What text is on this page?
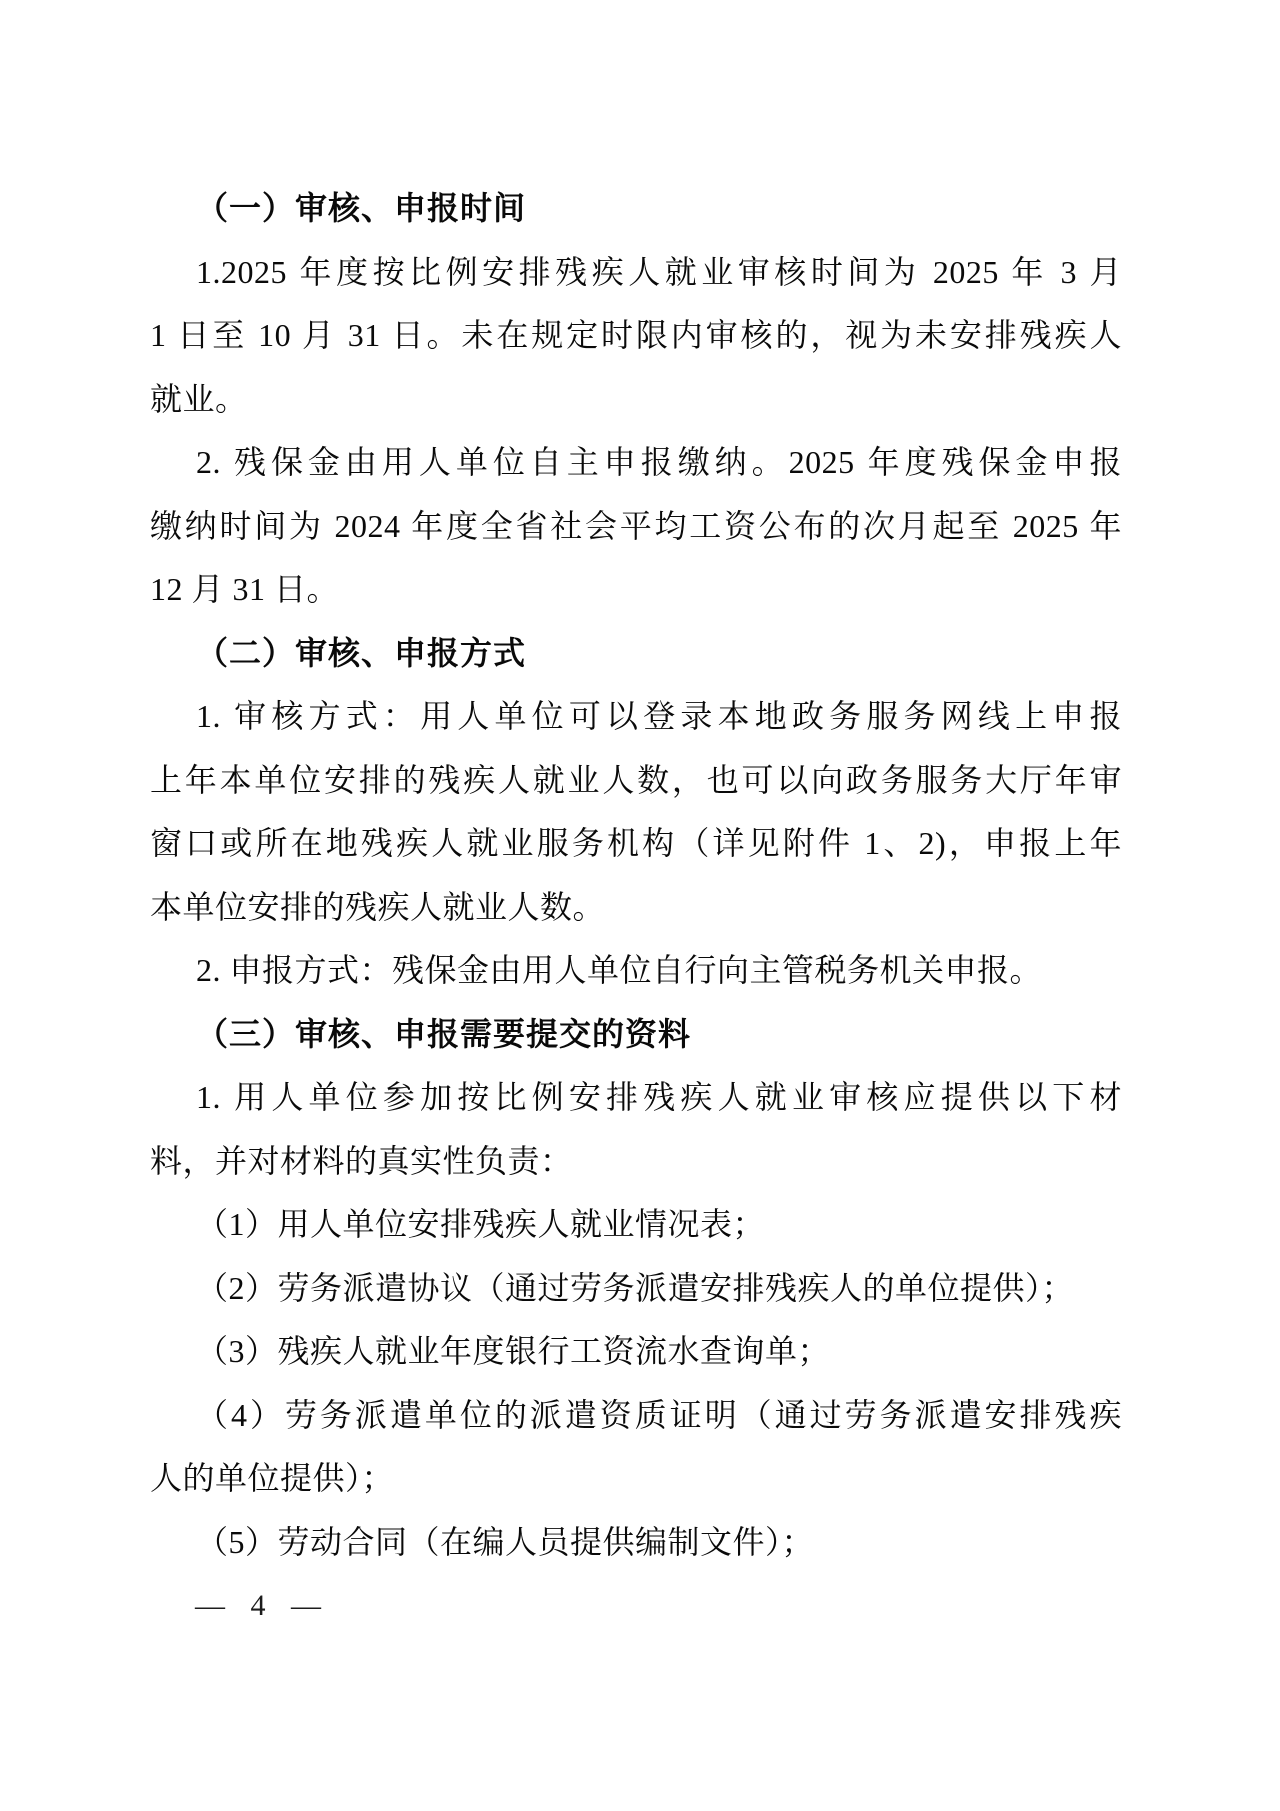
（一）审核、申报时间
1.2025 年度按比例安排残疾人就业审核时间为 2025 年 3 月
1 日至 10 月 31 日。未在规定时限内审核的，视为未安排残疾人
就业。
2. 残保金由用人单位自主申报缴纳。2025 年度残保金申报
缴纳时间为 2024 年度全省社会平均工资公布的次月起至 2025 年
12 月 31 日。
（二）审核、申报方式
1. 审核方式：用人单位可以登录本地政务服务网线上申报
上年本单位安排的残疾人就业人数，也可以向政务服务大厅年审
窗口或所在地残疾人就业服务机构（详见附件 1、2)，申报上年
本单位安排的残疾人就业人数。
2. 申报方式：残保金由用人单位自行向主管税务机关申报。
（三）审核、申报需要提交的资料
1. 用人单位参加按比例安排残疾人就业审核应提供以下材
料，并对材料的真实性负责：
（1）用人单位安排残疾人就业情况表；
（2）劳务派遣协议（通过劳务派遣安排残疾人的单位提供）；
（3）残疾人就业年度银行工资流水查询单；
（4）劳务派遣单位的派遣资质证明（通过劳务派遣安排残疾
人的单位提供）；
（5）劳动合同（在编人员提供编制文件）；
— 4 —
